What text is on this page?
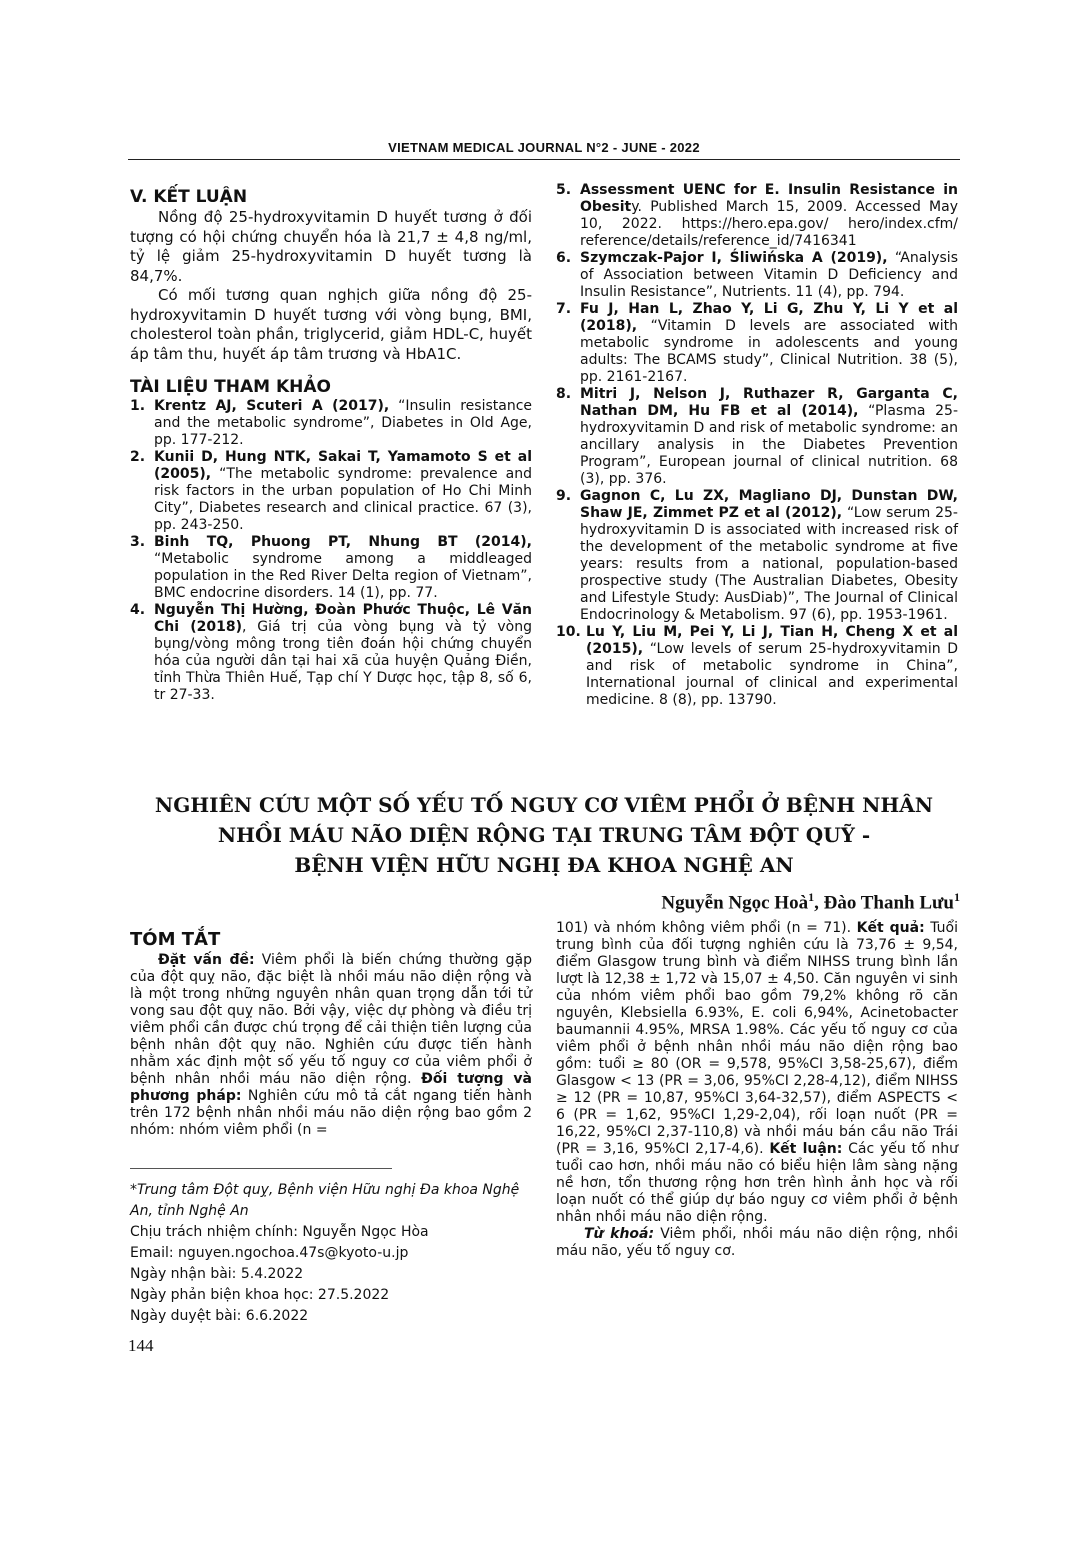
VIETNAM MEDICAL JOURNAL N°2 - JUNE - 2022
V. KẾT LUẬN

Nồng độ 25-hydroxyvitamin D huyết tương ở đối tượng có hội chứng chuyển hóa là 21,7 ± 4,8 ng/ml, tỷ lệ giảm 25-hydroxyvitamin D huyết tương là 84,7%.

Có mối tương quan nghịch giữa nồng độ 25-hydroxyvitamin D huyết tương với vòng bụng, BMI, cholesterol toàn phần, triglycerid, giảm HDL-C, huyết áp tâm thu, huyết áp tâm trương và HbA1C.

TÀI LIỆU THAM KHẢO
1. Krentz AJ, Scuteri A (2017), “Insulin resistance and the metabolic syndrome”, Diabetes in Old Age, pp. 177-212.
2. Kunii D, Hung NTK, Sakai T, Yamamoto S et al (2005), “The metabolic syndrome: prevalence and risk factors in the urban population of Ho Chi Minh City”, Diabetes research and clinical practice. 67 (3), pp. 243-250.
3. Binh TQ, Phuong PT, Nhung BT (2014), “Metabolic syndrome among a middleaged population in the Red River Delta region of Vietnam”, BMC endocrine disorders. 14 (1), pp. 77.
4. Nguyễn Thị Hường, Đoàn Phước Thuộc, Lê Văn Chi (2018), Giá trị của vòng bụng và tỷ vòng bụng/vòng mông trong tiên đoán hội chứng chuyển hóa của người dân tại hai xã của huyện Quảng Điền, tỉnh Thừa Thiên Huế, Tạp chí Y Dược học, tập 8, số 6, tr 27-33.
5. Assessment UENC for E. Insulin Resistance in Obesity. Published March 15, 2009. Accessed May 10, 2022. https://hero.epa.gov/ hero/index.cfm/ reference/details/reference_id/7416341
6. Szymczak-Pajor I, Śliwińska A (2019), “Analysis of Association between Vitamin D Deficiency and Insulin Resistance”, Nutrients. 11 (4), pp. 794.
7. Fu J, Han L, Zhao Y, Li G, Zhu Y, Li Y et al (2018), “Vitamin D levels are associated with metabolic syndrome in adolescents and young adults: The BCAMS study”, Clinical Nutrition. 38 (5), pp. 2161-2167.
8. Mitri J, Nelson J, Ruthazer R, Garganta C, Nathan DM, Hu FB et al (2014), “Plasma 25-hydroxyvitamin D and risk of metabolic syndrome: an ancillary analysis in the Diabetes Prevention Program”, European journal of clinical nutrition. 68 (3), pp. 376.
9. Gagnon C, Lu ZX, Magliano DJ, Dunstan DW, Shaw JE, Zimmet PZ et al (2012), “Low serum 25-hydroxyvitamin D is associated with increased risk of the development of the metabolic syndrome at five years: results from a national, population-based prospective study (The Australian Diabetes, Obesity and Lifestyle Study: AusDiab)”, The Journal of Clinical Endocrinology & Metabolism. 97 (6), pp. 1953-1961.
10. Lu Y, Liu M, Pei Y, Li J, Tian H, Cheng X et al (2015), “Low levels of serum 25-hydroxyvitamin D and risk of metabolic syndrome in China”, International journal of clinical and experimental medicine. 8 (8), pp. 13790.
NGHIÊN CỨU MỘT SỐ YẾU TỐ NGUY CƠ VIÊM PHỔI Ở BỆNH NHÂN
NHỒI MÁU NÃO DIỆN RỘNG TẠI TRUNG TÂM ĐỘT QUỸ -
BỆNH VIỆN HỮU NGHỊ ĐA KHOA NGHỆ AN
Nguyễn Ngọc Hoà$^1$, Đào Thanh Lưu$^1$
TÓM TẮT

Đặt vấn đề: Viêm phổi là biến chứng thường gặp của đột quỵ não, đặc biệt là nhồi máu não diện rộng và là một trong những nguyên nhân quan trọng dẫn tới tử vong sau đột quỵ não. Bởi vậy, việc dự phòng và điều trị viêm phổi cần được chú trọng để cải thiện tiên lượng của bệnh nhân đột quỵ não. Nghiên cứu được tiến hành nhằm xác định một số yếu tố nguy cơ của viêm phổi ở bệnh nhân nhồi máu não diện rộng. Đối tượng và phương pháp: Nghiên cứu mô tả cắt ngang tiến hành trên 172 bệnh nhân nhồi máu não diện rộng bao gồm 2 nhóm: nhóm viêm phổi (n =

101) và nhóm không viêm phổi (n = 71). Kết quả: Tuổi trung bình của đối tượng nghiên cứu là 73,76 ± 9,54, điểm Glasgow trung bình và điểm NIHSS trung bình lần lượt là 12,38 ± 1,72 và 15,07 ± 4,50. Căn nguyên vi sinh của nhóm viêm phổi bao gồm 79,2% không rõ căn nguyên, Klebsiella 6.93%, E. coli 6,94%, Acinetobacter baumannii 4.95%, MRSA 1.98%. Các yếu tố nguy cơ của viêm phổi ở bệnh nhân nhồi máu não diện rộng bao gồm: tuổi ≥ 80 (OR = 9,578, 95%CI 3,58-25,67), điểm Glasgow < 13 (PR = 3,06, 95%CI 2,28-4,12), điểm NIHSS ≥ 12 (PR = 10,87, 95%CI 3,64-32,57), điểm ASPECTS < 6 (PR = 1,62, 95%CI 1,29-2,04), rối loạn nuốt (PR = 16,22, 95%CI 2,37-110,8) và nhồi máu bán cầu não Trái (PR = 3,16, 95%CI 2,17-4,6). Kết luận: Các yếu tố như tuổi cao hơn, nhồi máu não có biểu hiện lâm sàng nặng nề hơn, tổn thương rộng hơn trên hình ảnh học và rối loạn nuốt có thể giúp dự báo nguy cơ viêm phổi ở bệnh nhân nhồi máu não diện rộng.

Từ khoá: Viêm phổi, nhồi máu não diện rộng, nhồi máu não, yếu tố nguy cơ.

*Trung tâm Đột quỵ, Bệnh viện Hữu nghị Đa khoa Nghệ An, tỉnh Nghệ An
Chịu trách nhiệm chính: Nguyễn Ngọc Hòa
Email: nguyen.ngochoa.47s@kyoto-u.jp
Ngày nhận bài: 5.4.2022
Ngày phản biện khoa học: 27.5.2022
Ngày duyệt bài: 6.6.2022
144
